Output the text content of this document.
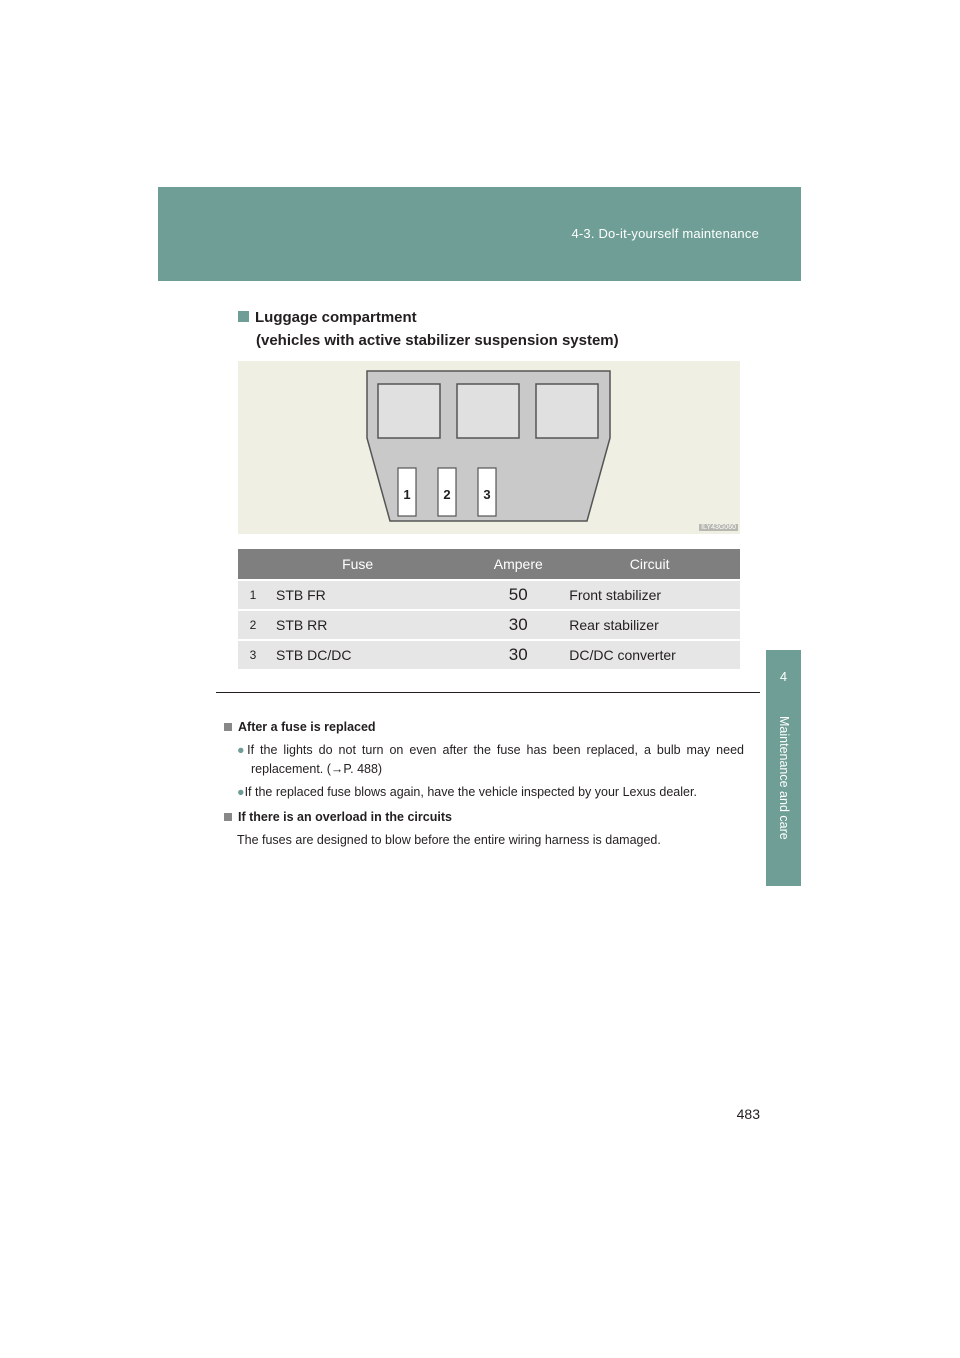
4-3. Do-it-yourself maintenance
4
Maintenance and care
Luggage compartment
(vehicles with active stabilizer suspension system)
1	2	3
ILY43G060
Fuse		Ampere	Circuit
1	STB FR	50	Front stabilizer
2	STB RR	30	Rear stabilizer
3	STB DC/DC	30	DC/DC converter
After a fuse is replaced
●If the lights do not turn on even after the fuse has been replaced, a bulb may need replacement. (→P. 488)
●If the replaced fuse blows again, have the vehicle inspected by your Lexus dealer.
If there is an overload in the circuits
The fuses are designed to blow before the entire wiring harness is damaged.
483
